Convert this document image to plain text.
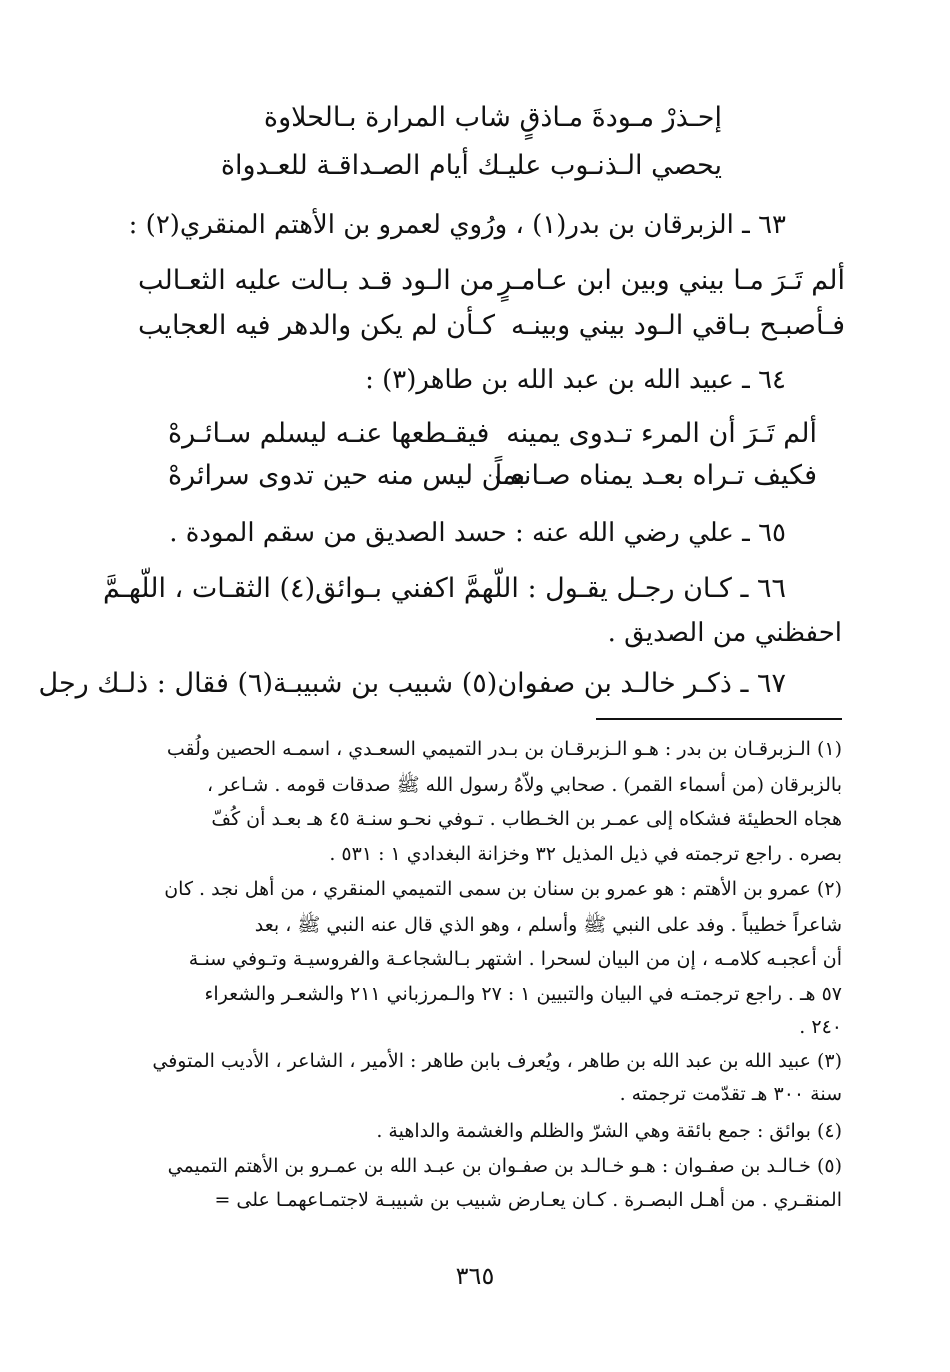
إحـذرْ مـودةَ مـاذقٍ شاب المرارة بـالحلاوة
يحصي الـذنـوب عليـك أيام الصـداقـة للعـدواة
٦٣ ـ الزبرقان بن بدر(١) ، ورُوي لعمرو بن الأهتم المنقري(٢) :
ألم تَـرَ مـا بيني وبين ابن عـامـرٍ
من الـود قـد بـالت عليه الثعـالب
فـأصبـح بـاقي الـود بيني وبينـه
كـأن لم يكن والدهر فيه العجايب
٦٤ ـ عبيد الله بن عبد الله بن طاهر(٣) :
ألم تَـرَ أن المرء تـدوى يمينه
فيقـطعها عنـه ليسلم سـائـرهْ
فكيف تـراه بعـد يمناه صـانعـاً
بمن ليس منه حين تدوى سرائرهْ
٦٥ ـ علي رضي الله عنه : حسد الصديق من سقم المودة .
٦٦ ـ كـان رجـل يقـول : اللّهمَّ اكفني بـوائق(٤) الثقـات ، اللّهـمَّ
احفظني من الصديق .
٦٧ ـ ذكـر خالـد بن صفوان(٥) شبيب بن شبيبـة(٦) فقال : ذلـك رجل
(١) الـزبرقـان بن بدر : هـو الـزبرقـان بن بـدر التميمي السعـدي ، اسمـه الحصين ولُقب
بالزبرقان (من أسماء القمر) . صحابي ولاّهُ رسول الله ﷺ صدقات قومه . شـاعر ،
هجاه الحطيئة فشكاه إلى عمـر بن الخـطاب . تـوفي نحـو سنـة ٤٥ هـ بعـد أن كُفّ
بصره . راجع ترجمته في ذيل المذيل ٣٢ وخزانة البغدادي ١ : ٥٣١ .
(٢) عمرو بن الأهتم : هو عمرو بن سنان بن سمى التميمي المنقري ، من أهل نجد . كان
شاعراً خطيباً . وفد على النبي ﷺ وأسلم ، وهو الذي قال عنه النبي ﷺ ، بعد
أن أعجبـه كلامـه ، إن من البيان لسحرا . اشتهر بـالشجاعـة والفروسيـة وتـوفي سنـة
٥٧ هـ . راجع ترجمتـه في البيان والتبيين ١ : ٢٧ والـمرزباني ٢١١ والشعـر والشعراء
٢٤٠ .
(٣) عبيد الله بن عبد الله بن طاهر ، ويُعرف بابن طاهر : الأمير ، الشاعر ، الأديب المتوفي
سنة ٣٠٠ هـ تقدّمت ترجمته .
(٤) بوائق : جمع بائقة وهي الشرّ والظلم والغشمة والداهية .
(٥) خـالـد بن صفـوان : هـو خـالـد بن صفـوان بن عبـد الله بن عمـرو بن الأهتم التميمي
المنقـري . من أهـل البصـرة . كـان يعـارض شبيب بن شبيبـة لاجتمـاعهمـا على =
٣٦٥
